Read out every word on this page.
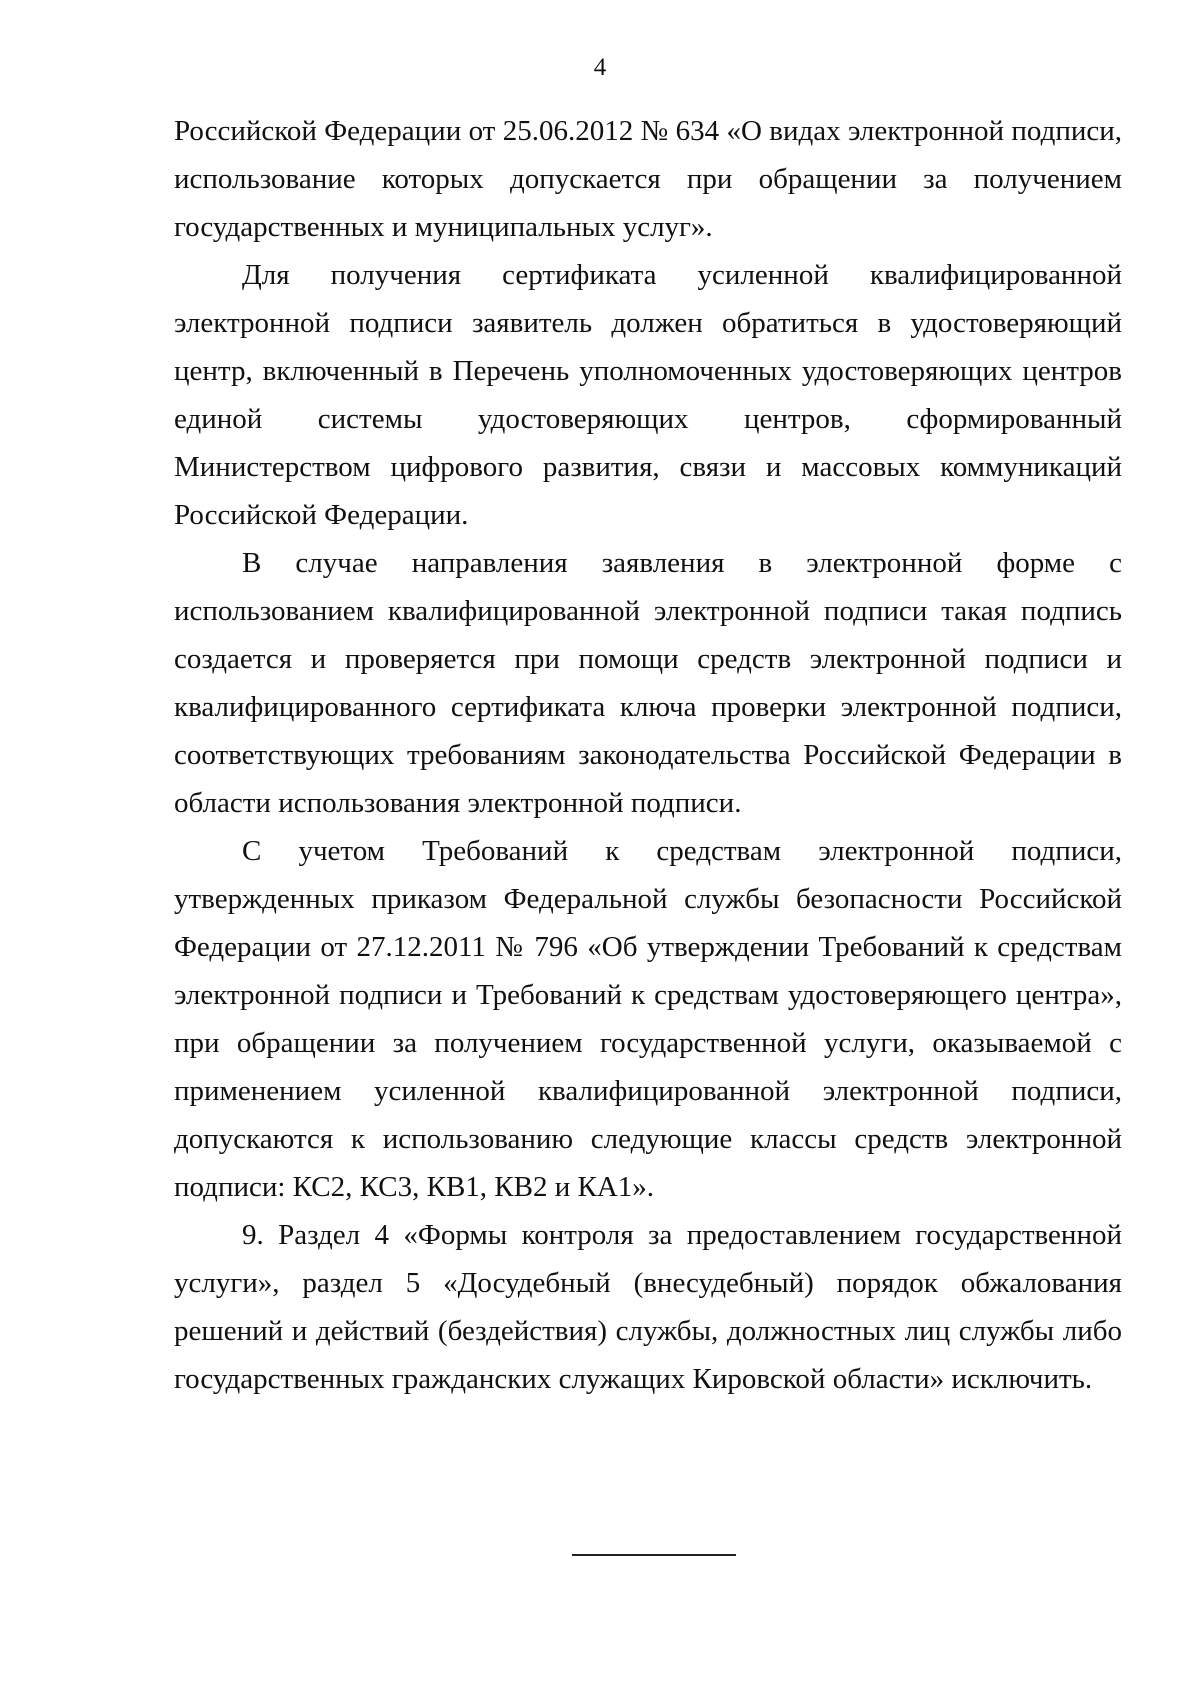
4

Российской Федерации от 25.06.2012 № 634 «О видах электронной подписи, использование которых допускается при обращении за получением государственных и муниципальных услуг».

Для получения сертификата усиленной квалифицированной электронной подписи заявитель должен обратиться в удостоверяющий центр, включенный в Перечень уполномоченных удостоверяющих центров единой системы удостоверяющих центров, сформированный Министерством цифрового развития, связи и массовых коммуникаций Российской Федерации.

В случае направления заявления в электронной форме с использованием квалифицированной электронной подписи такая подпись создается и проверяется при помощи средств электронной подписи и квалифицированного сертификата ключа проверки электронной подписи, соответствующих требованиям законодательства Российской Федерации в области использования электронной подписи.

С учетом Требований к средствам электронной подписи, утвержденных приказом Федеральной службы безопасности Российской Федерации от 27.12.2011 № 796 «Об утверждении Требований к средствам электронной подписи и Требований к средствам удостоверяющего центра», при обращении за получением государственной услуги, оказываемой с применением усиленной квалифицированной электронной подписи, допускаются к использованию следующие классы средств электронной подписи: КС2, КС3, КВ1, КВ2 и КА1».

9. Раздел 4 «Формы контроля за предоставлением государственной услуги», раздел 5 «Досудебный (внесудебный) порядок обжалования решений и действий (бездействия) службы, должностных лиц службы либо государственных гражданских служащих Кировской области» исключить.
